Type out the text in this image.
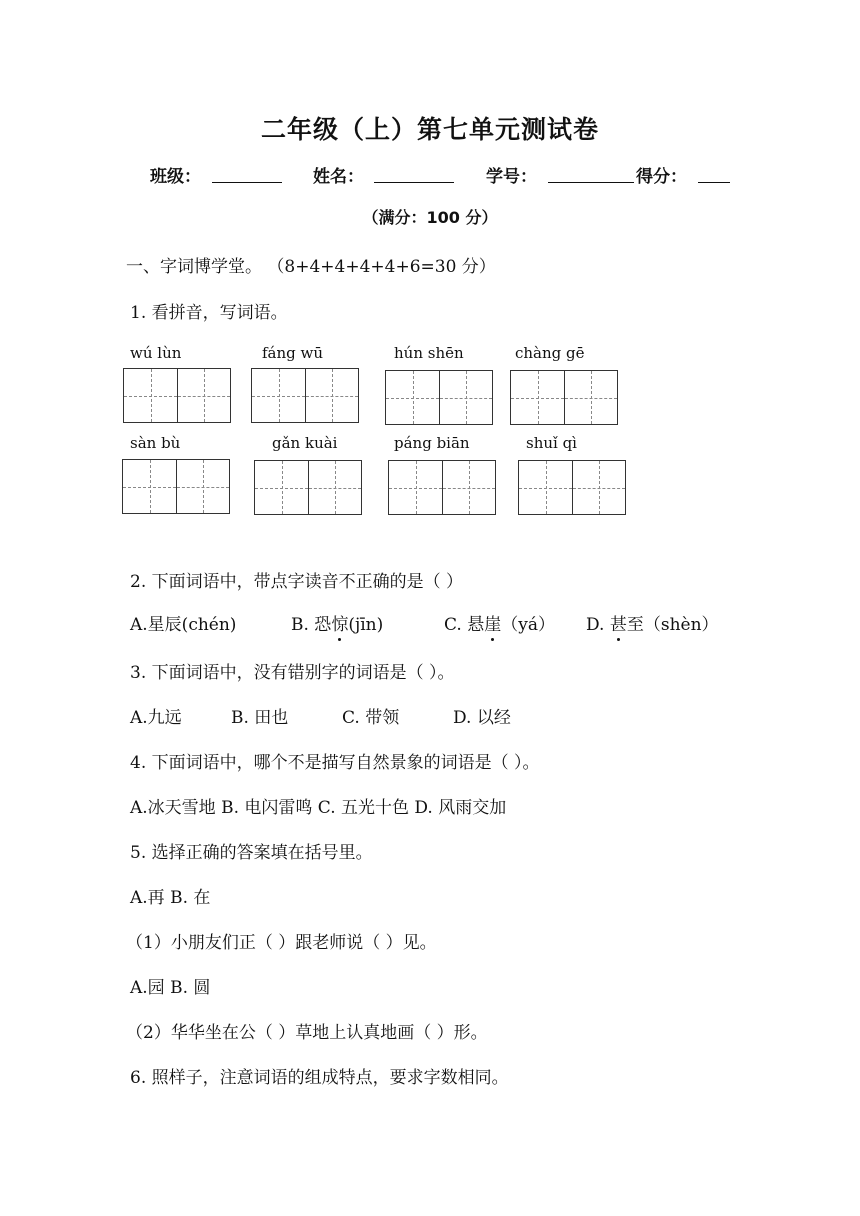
二年级（上）第七单元测试卷
班级：	姓名：	学号：	得分：
（满分：100 分）
一、字词博学堂。 （8+4+4+4+4+6=30 分）
1. 看拼音，写词语。
wú lùn	fáng wū	hún shēn	chàng gē
sàn bù	gǎn kuài	páng biān	shuǐ qì
2. 下面词语中，带点字读音不正确的是（ ）
A.星辰(chén)	B. 恐惊(jīn)	C. 悬崖（yá） D. 甚至（shèn）
3. 下面词语中，没有错别字的词语是（ ）。
A.九远	B. 田也	C. 带领	D. 以经
4. 下面词语中，哪个不是描写自然景象的词语是（ ）。
A.冰天雪地 B. 电闪雷鸣 C. 五光十色 D. 风雨交加
5. 选择正确的答案填在括号里。
A.再 B. 在
（1）小朋友们正（ ）跟老师说（ ）见。
A.园 B. 圆
（2）华华坐在公（ ）草地上认真地画（ ）形。
6. 照样子，注意词语的组成特点，要求字数相同。
